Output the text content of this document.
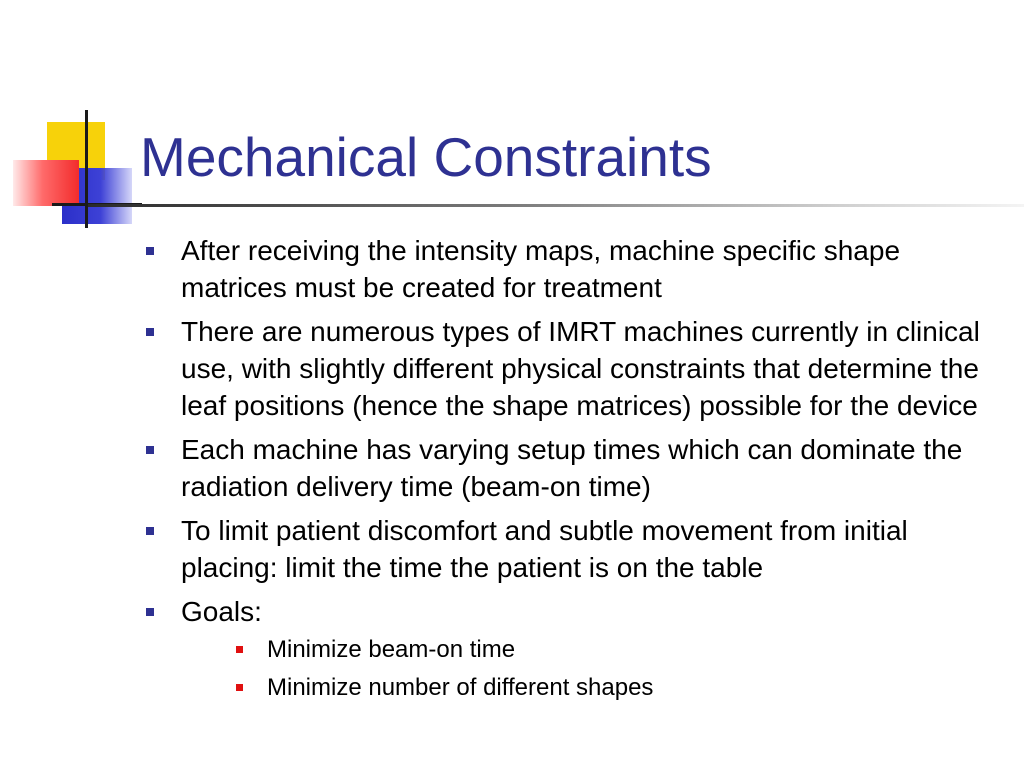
Mechanical Constraints
After receiving the intensity maps, machine specific shape matrices must be created for treatment
There are numerous types of IMRT machines currently in clinical use, with slightly different physical constraints that determine the leaf positions (hence the shape matrices) possible for the device
Each machine has varying setup times which can dominate the radiation delivery time (beam-on time)
To limit patient discomfort and subtle movement from initial placing: limit the time the patient is on the table
Goals:
Minimize beam-on time
Minimize number of different shapes
